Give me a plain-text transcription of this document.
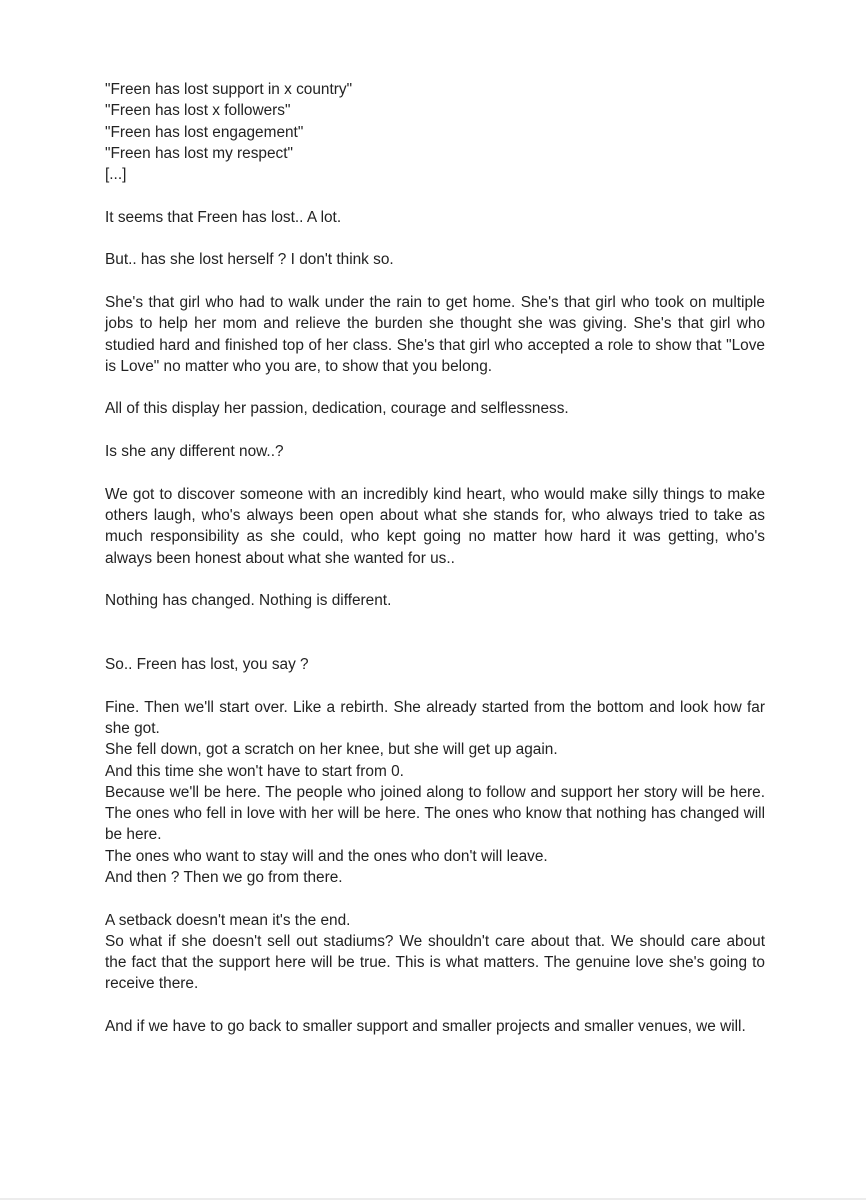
"Freen has lost support in x country"

"Freen has lost x followers"

"Freen has lost engagement"

"Freen has lost my respect"

[...]

It seems that Freen has lost.. A lot.

But.. has she lost herself ? I don't think so.

She's that girl who had to walk under the rain to get home. She's that girl who took on multiple jobs to help her mom and relieve the burden she thought she was giving. She's that girl who studied hard and finished top of her class. She's that girl who accepted a role to show that "Love is Love" no matter who you are, to show that you belong.

All of this display her passion, dedication, courage and selflessness.

Is she any different now..?

We got to discover someone with an incredibly kind heart, who would make silly things to make others laugh, who's always been open about what she stands for, who always tried to take as much responsibility as she could, who kept going no matter how hard it was getting, who's always been honest about what she wanted for us..

Nothing has changed. Nothing is different.

So.. Freen has lost, you say ?

Fine. Then we'll start over. Like a rebirth. She already started from the bottom and look how far she got.

She fell down, got a scratch on her knee, but she will get up again.

And this time she won't have to start from 0.

Because we'll be here. The people who joined along to follow and support her story will be here. The ones who fell in love with her will be here. The ones who know that nothing has changed will be here.

The ones who want to stay will and the ones who don't will leave.

And then ? Then we go from there.

A setback doesn't mean it's the end.

So what if she doesn't sell out stadiums? We shouldn't care about that. We should care about the fact that the support here will be true. This is what matters. The genuine love she's going to receive there.

And if we have to go back to smaller support and smaller projects and smaller venues, we will.
